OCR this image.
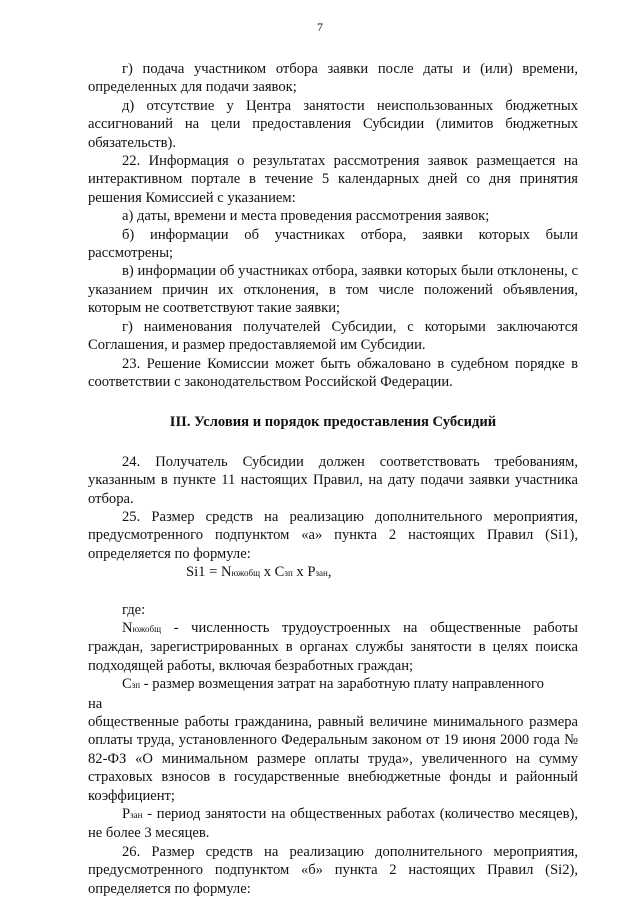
7

г) подача участником отбора заявки после даты и (или) времени, определенных для подачи заявок;

д) отсутствие у Центра занятости неиспользованных бюджетных ассигнований на цели предоставления Субсидии (лимитов бюджетных обязательств).

22. Информация о результатах рассмотрения заявок размещается на интерактивном портале в течение 5 календарных дней со дня принятия решения Комиссией с указанием:

а) даты, времени и места проведения рассмотрения заявок;

б) информации об участниках отбора, заявки которых были рассмотрены;

в) информации об участниках отбора, заявки которых были отклонены, с указанием причин их отклонения, в том числе положений объявления, которым не соответствуют такие заявки;

г) наименования получателей Субсидии, с которыми заключаются Соглашения, и размер предоставляемой им Субсидии.

23. Решение Комиссии может быть обжаловано в судебном порядке в соответствии с законодательством Российской Федерации.

III. Условия и порядок предоставления Субсидий

24. Получатель Субсидии должен соответствовать требованиям, указанным в пункте 11 настоящих Правил, на дату подачи заявки участника отбора.

25. Размер средств на реализацию дополнительного мероприятия, предусмотренного подпунктом «а» пункта 2 настоящих Правил (Si1), определяется по формуле:

Si1 = Nюжобщ x Cзп x Pзан,

где:

Nюжобщ - численность трудоустроенных на общественные работы граждан, зарегистрированных в органах службы занятости в целях поиска подходящей работы, включая безработных граждан;

Cзп - размер возмещения затрат на заработную плату направленного

на

общественные работы гражданина, равный величине минимального размера оплаты труда, установленного Федеральным законом от 19 июня 2000 года № 82-ФЗ «О минимальном размере оплаты труда», увеличенного на сумму страховых взносов в государственные внебюджетные фонды и районный коэффициент;

Pзан - период занятости на общественных работах (количество месяцев), не более 3 месяцев.

26. Размер средств на реализацию дополнительного мероприятия, предусмотренного подпунктом «б» пункта 2 настоящих Правил (Si2), определяется по формуле:
